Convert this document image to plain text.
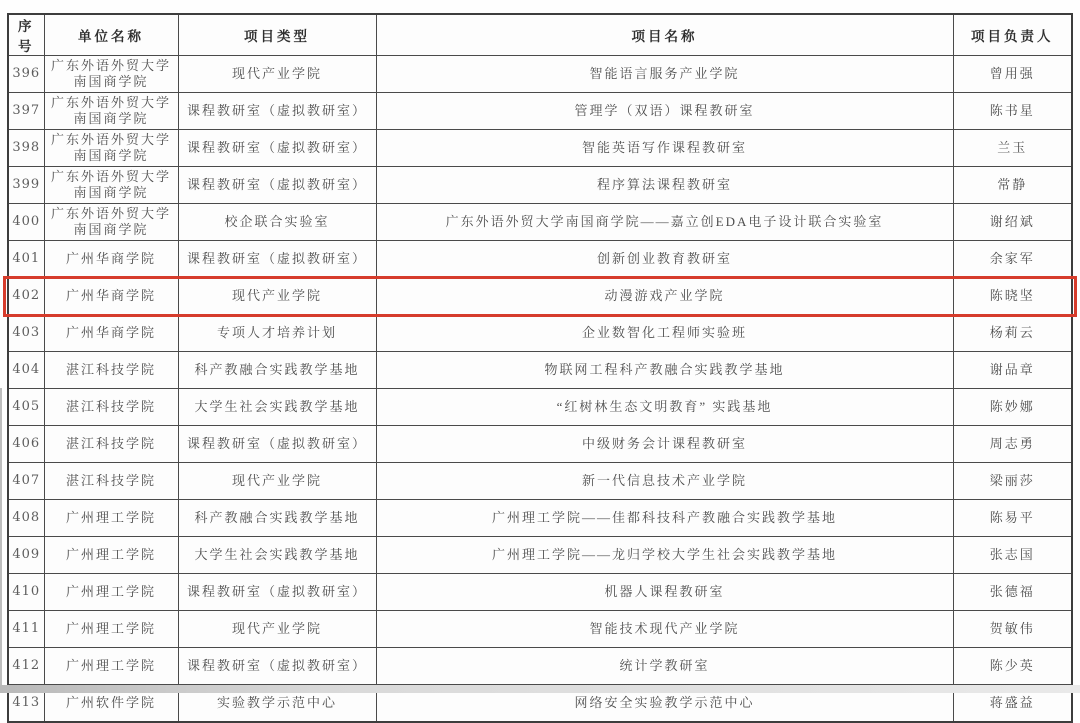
序号	单位名称	项目类型	项目名称	项目负责人
396	广东外语外贸大学南国商学院	现代产业学院	智能语言服务产业学院	曾用强
397	广东外语外贸大学南国商学院	课程教研室（虚拟教研室）	管理学（双语）课程教研室	陈书星
398	广东外语外贸大学南国商学院	课程教研室（虚拟教研室）	智能英语写作课程教研室	兰玉
399	广东外语外贸大学南国商学院	课程教研室（虚拟教研室）	程序算法课程教研室	常静
400	广东外语外贸大学南国商学院	校企联合实验室	广东外语外贸大学南国商学院——嘉立创EDA电子设计联合实验室	谢绍斌
401	广州华商学院	课程教研室（虚拟教研室）	创新创业教育教研室	余家军
402	广州华商学院	现代产业学院	动漫游戏产业学院	陈晓坚
403	广州华商学院	专项人才培养计划	企业数智化工程师实验班	杨莉云
404	湛江科技学院	科产教融合实践教学基地	物联网工程科产教融合实践教学基地	谢品章
405	湛江科技学院	大学生社会实践教学基地	“红树林生态文明教育” 实践基地	陈妙娜
406	湛江科技学院	课程教研室（虚拟教研室）	中级财务会计课程教研室	周志勇
407	湛江科技学院	现代产业学院	新一代信息技术产业学院	梁丽莎
408	广州理工学院	科产教融合实践教学基地	广州理工学院——佳都科技科产教融合实践教学基地	陈易平
409	广州理工学院	大学生社会实践教学基地	广州理工学院——龙归学校大学生社会实践教学基地	张志国
410	广州理工学院	课程教研室（虚拟教研室）	机器人课程教研室	张德福
411	广州理工学院	现代产业学院	智能技术现代产业学院	贺敏伟
412	广州理工学院	课程教研室（虚拟教研室）	统计学教研室	陈少英
413	广州软件学院	实验教学示范中心	网络安全实验教学示范中心	蒋盛益
